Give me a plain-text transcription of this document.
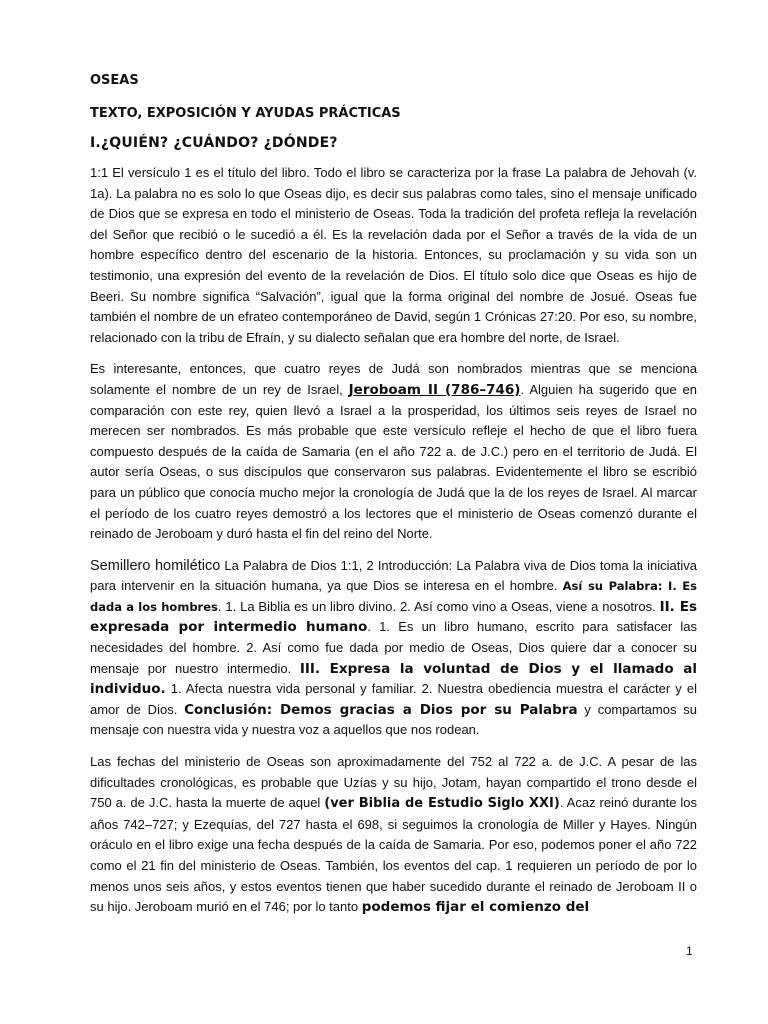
OSEAS
TEXTO, EXPOSICIÓN Y AYUDAS PRÁCTICAS
I.¿QUIÉN? ¿CUÁNDO? ¿DÓNDE?

1:1 El versículo 1 es el título del libro. Todo el libro se caracteriza por la frase La palabra de Jehovah (v. 1a). La palabra no es solo lo que Oseas dijo, es decir sus palabras como tales, sino el mensaje unificado de Dios que se expresa en todo el ministerio de Oseas. Toda la tradición del profeta refleja la revelación del Señor que recibió o le sucedió a él. Es la revelación dada por el Señor a través de la vida de un hombre específico dentro del escenario de la historia. Entonces, su proclamación y su vida son un testimonio, una expresión del evento de la revelación de Dios. El título solo dice que Oseas es hijo de Beeri. Su nombre significa “Salvación”, igual que la forma original del nombre de Josué. Oseas fue también el nombre de un efrateo contemporáneo de David, según 1 Crónicas 27:20. Por eso, su nombre, relacionado con la tribu de Efraín, y su dialecto señalan que era hombre del norte, de Israel.

Es interesante, entonces, que cuatro reyes de Judá son nombrados mientras que se menciona solamente el nombre de un rey de Israel, Jeroboam II (786–746). Alguien ha sugerido que en comparación con este rey, quien llevó a Israel a la prosperidad, los últimos seis reyes de Israel no merecen ser nombrados. Es más probable que este versículo refleje el hecho de que el libro fuera compuesto después de la caída de Samaria (en el año 722 a. de J.C.) pero en el territorio de Judá. El autor sería Oseas, o sus discípulos que conservaron sus palabras. Evidentemente el libro se escribió para un público que conocía mucho mejor la cronología de Judá que la de los reyes de Israel. Al marcar el período de los cuatro reyes demostró a los lectores que el ministerio de Oseas comenzó durante el reinado de Jeroboam y duró hasta el fin del reino del Norte.

Semillero homilético La Palabra de Dios 1:1, 2 Introducción: La Palabra viva de Dios toma la iniciativa para intervenir en la situación humana, ya que Dios se interesa en el hombre. Así su Palabra: I. Es dada a los hombres. 1. La Biblia es un libro divino. 2. Así como vino a Oseas, viene a nosotros. II. Es expresada por intermedio humano. 1. Es un libro humano, escrito para satisfacer las necesidades del hombre. 2. Así como fue dada por medio de Oseas, Dios quiere dar a conocer su mensaje por nuestro intermedio. III. Expresa la voluntad de Dios y el llamado al individuo. 1. Afecta nuestra vida personal y familiar. 2. Nuestra obediencia muestra el carácter y el amor de Dios. Conclusión: Demos gracias a Dios por su Palabra y compartamos su mensaje con nuestra vida y nuestra voz a aquellos que nos rodean.

Las fechas del ministerio de Oseas son aproximadamente del 752 al 722 a. de J.C. A pesar de las dificultades cronológicas, es probable que Uzías y su hijo, Jotam, hayan compartido el trono desde el 750 a. de J.C. hasta la muerte de aquel (ver Biblia de Estudio Siglo XXI). Acaz reinó durante los años 742–727; y Ezequías, del 727 hasta el 698, si seguimos la cronología de Miller y Hayes. Ningún oráculo en el libro exige una fecha después de la caída de Samaria. Por eso, podemos poner el año 722 como el 21 fin del ministerio de Oseas. También, los eventos del cap. 1 requieren un período de por lo menos unos seis años, y estos eventos tienen que haber sucedido durante el reinado de Jeroboam II o su hijo. Jeroboam murió en el 746; por lo tanto podemos fijar el comienzo del

1
